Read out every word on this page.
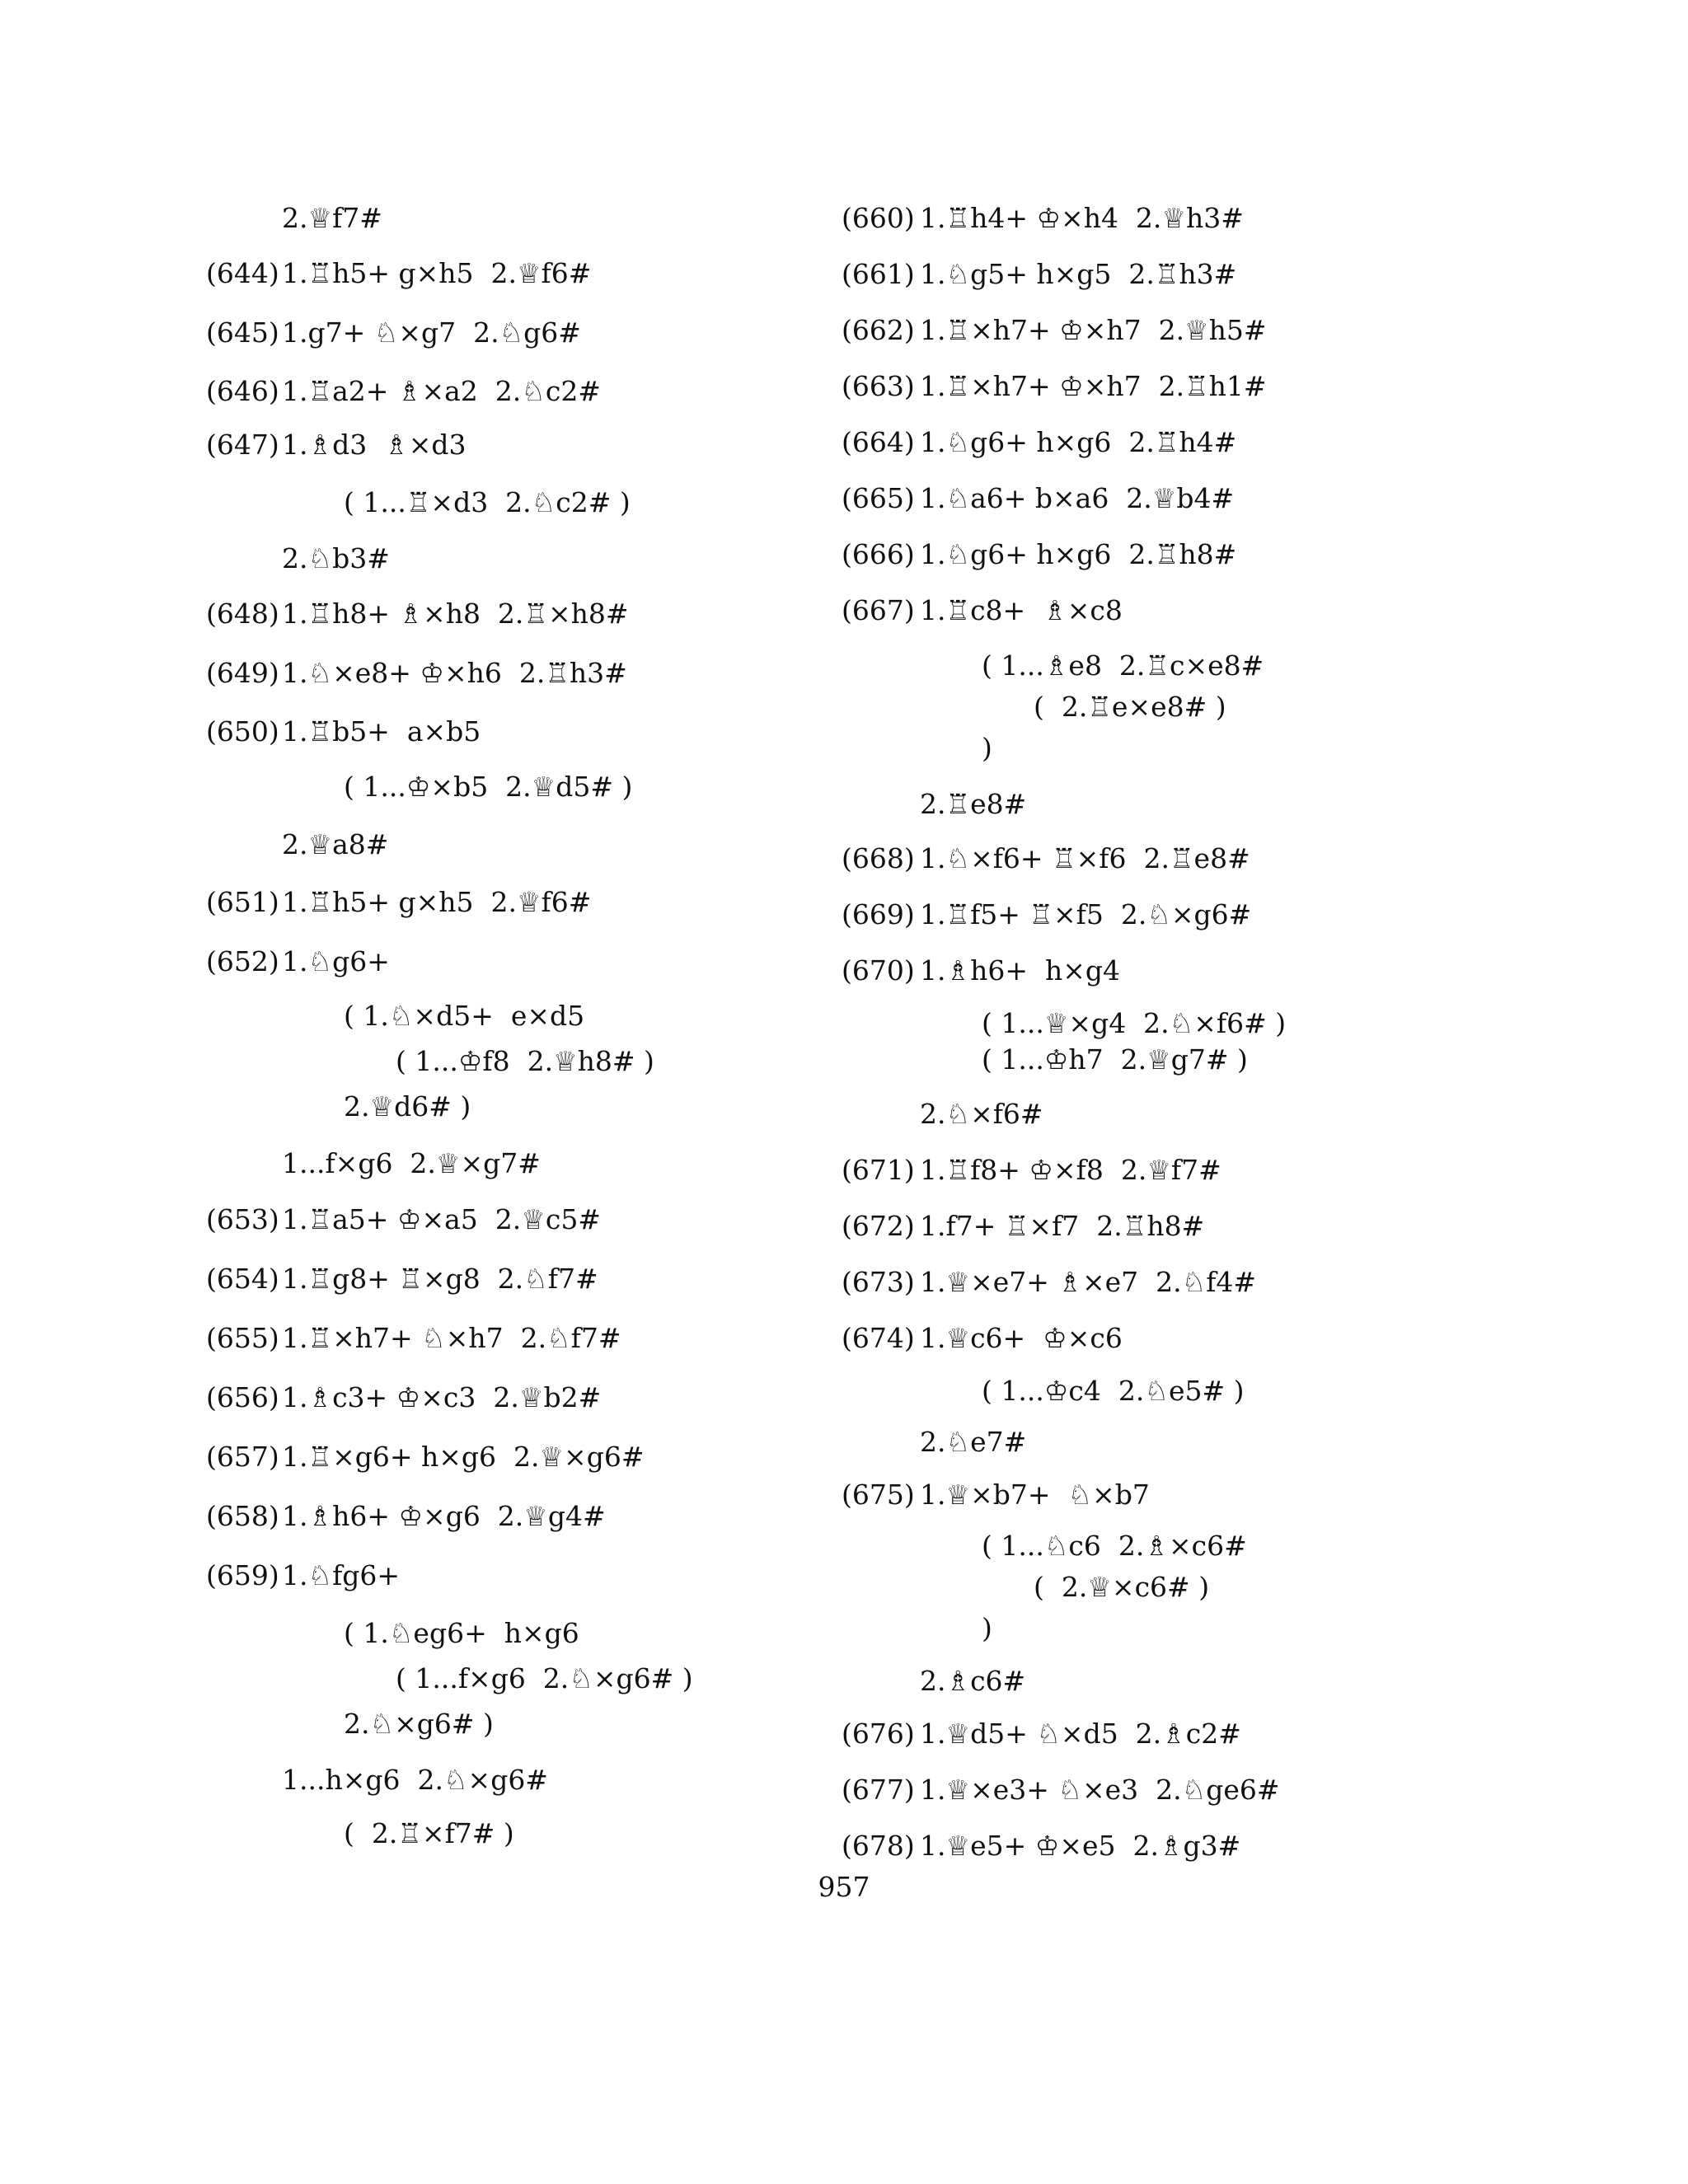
2.♕f7#
(644) 1.♖h5+ g×h5  2.♕f6#
(645) 1.g7+ ♘×g7  2.♘g6#
(646) 1.♖a2+ ♗×a2  2.♘c2#
(647) 1.♗d3  ♗×d3
( 1...♖×d3  2.♘c2# )
2.♘b3#
(648) 1.♖h8+ ♗×h8  2.♖×h8#
(649) 1.♘×e8+ ♔×h6  2.♖h3#
(650) 1.♖b5+  a×b5
( 1...♔×b5  2.♕d5# )
2.♕a8#
(651) 1.♖h5+ g×h5  2.♕f6#
(652) 1.♘g6+
( 1.♘×d5+  e×d5
( 1...♔f8  2.♕h8# )
2.♕d6# )
1...f×g6  2.♕×g7#
(653) 1.♖a5+ ♔×a5  2.♕c5#
(654) 1.♖g8+ ♖×g8  2.♘f7#
(655) 1.♖×h7+ ♘×h7  2.♘f7#
(656) 1.♗c3+ ♔×c3  2.♕b2#
(657) 1.♖×g6+ h×g6  2.♕×g6#
(658) 1.♗h6+ ♔×g6  2.♕g4#
(659) 1.♘fg6+
( 1.♘eg6+  h×g6
( 1...f×g6  2.♘×g6# )
2.♘×g6# )
1...h×g6  2.♘×g6#
(  2.♖×f7# )
(660) 1.♖h4+ ♔×h4  2.♕h3#
(661) 1.♘g5+ h×g5  2.♖h3#
(662) 1.♖×h7+ ♔×h7  2.♕h5#
(663) 1.♖×h7+ ♔×h7  2.♖h1#
(664) 1.♘g6+ h×g6  2.♖h4#
(665) 1.♘a6+ b×a6  2.♕b4#
(666) 1.♘g6+ h×g6  2.♖h8#
(667) 1.♖c8+  ♗×c8
( 1...♗e8  2.♖c×e8#
(  2.♖e×e8# )
)
2.♖e8#
(668) 1.♘×f6+ ♖×f6  2.♖e8#
(669) 1.♖f5+ ♖×f5  2.♘×g6#
(670) 1.♗h6+  h×g4
( 1...♕×g4  2.♘×f6# )
( 1...♔h7  2.♕g7# )
2.♘×f6#
(671) 1.♖f8+ ♔×f8  2.♕f7#
(672) 1.f7+ ♖×f7  2.♖h8#
(673) 1.♕×e7+ ♗×e7  2.♘f4#
(674) 1.♕c6+  ♔×c6
( 1...♔c4  2.♘e5# )
2.♘e7#
(675) 1.♕×b7+  ♘×b7
( 1...♘c6  2.♗×c6#
(  2.♕×c6# )
)
2.♗c6#
(676) 1.♕d5+ ♘×d5  2.♗c2#
(677) 1.♕×e3+ ♘×e3  2.♘ge6#
(678) 1.♕e5+ ♔×e5  2.♗g3#
957
